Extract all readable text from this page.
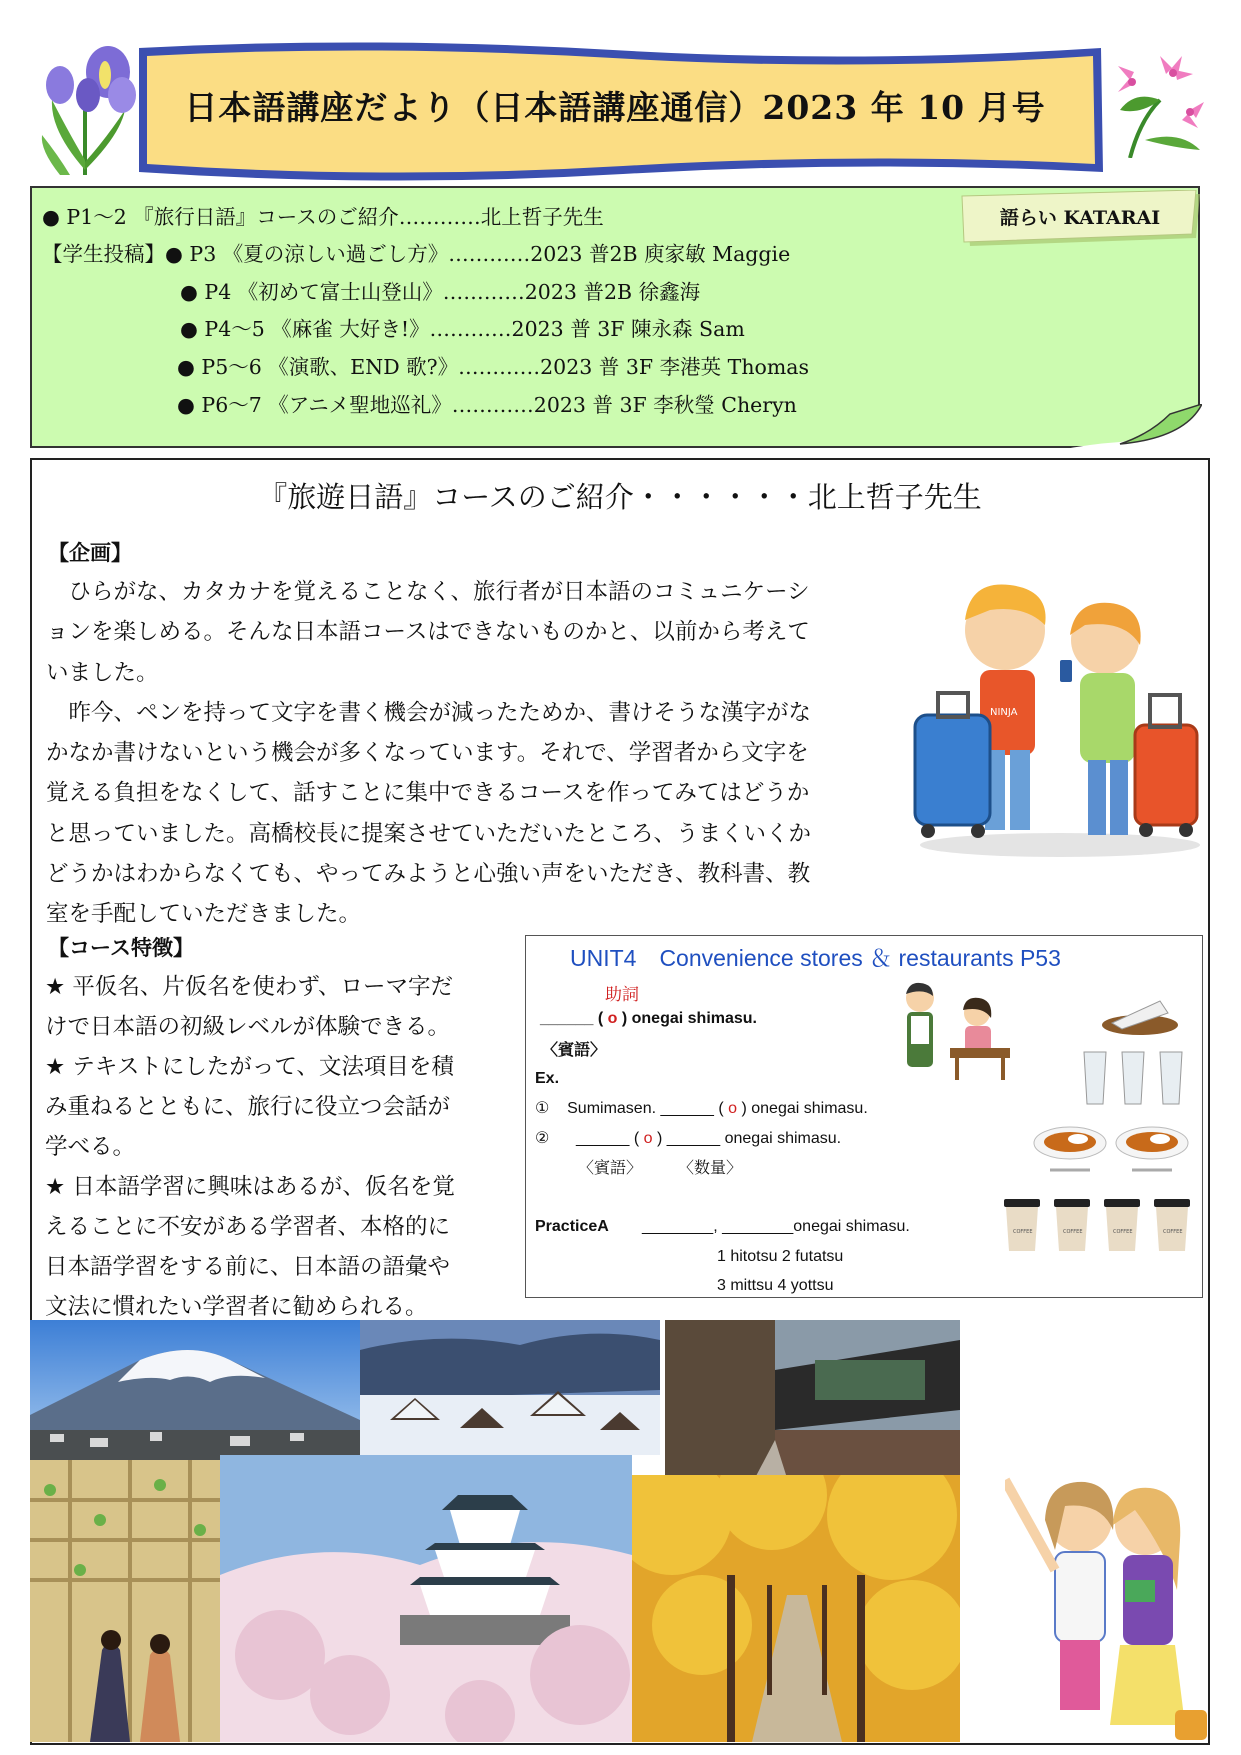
日本語講座だより（日本語講座通信）2023 年 10 月号
語らい KATARAI
● P1～2 『旅行日語』コースのご紹介…………北上哲子先生
【学生投稿】● P3 《夏の涼しい過ごし方》…………2023 普2B 庾家敏 Maggie
● P4 《初めて富士山登山》…………2023 普2B 徐鑫海
● P4～5 《麻雀 大好き!》…………2023 普 3F 陳永森 Sam
● P5～6 《演歌、END 歌?》…………2023 普 3F 李港英 Thomas
● P6～7 《アニメ聖地巡礼》…………2023 普 3F 李秋瑩 Cheryn
『旅遊日語』コースのご紹介・・・・・・北上哲子先生
【企画】
　ひらがな、カタカナを覚えることなく、旅行者が日本語のコミュニケーシ
ョンを楽しめる。そんな日本語コースはできないものかと、以前から考えて
いました。
　昨今、ペンを持って文字を書く機会が減ったためか、書けそうな漢字がな
かなか書けないという機会が多くなっています。それで、学習者から文字を
覚える負担をなくして、話すことに集中できるコースを作ってみてはどうか
と思っていました。高橋校長に提案させていただいたところ、うまくいくか
どうかはわからなくても、やってみようと心強い声をいただき、教科書、教
室を手配していただきました。
NINJA
【コース特徴】
★ 平仮名、片仮名を使わず、ローマ字だ
けで日本語の初級レベルが体験できる。
★ テキストにしたがって、文法項目を積
み重ねるとともに、旅行に役立つ会話が
学べる。
★ 日本語学習に興味はあるが、仮名を覚
えることに不安がある学習者、本格的に
日本語学習をする前に、日本語の語彙や
文法に慣れたい学習者に勧められる。
UNIT4　Convenience stores ＆ restaurants P53
助詞
______ ( o ) onegai shimasu.
〈賓語〉
Ex.
① Sumimasen. ______ ( o ) onegai shimasu.
② ______ ( o ) ______ onegai shimasu.
〈賓語〉 〈数量〉
PracticeA ________, ________onegai shimasu.
1 hitotsu 2 futatsu
3 mittsu 4 yottsu
COFFEE	COFFEE	COFFEE	COFFEE
